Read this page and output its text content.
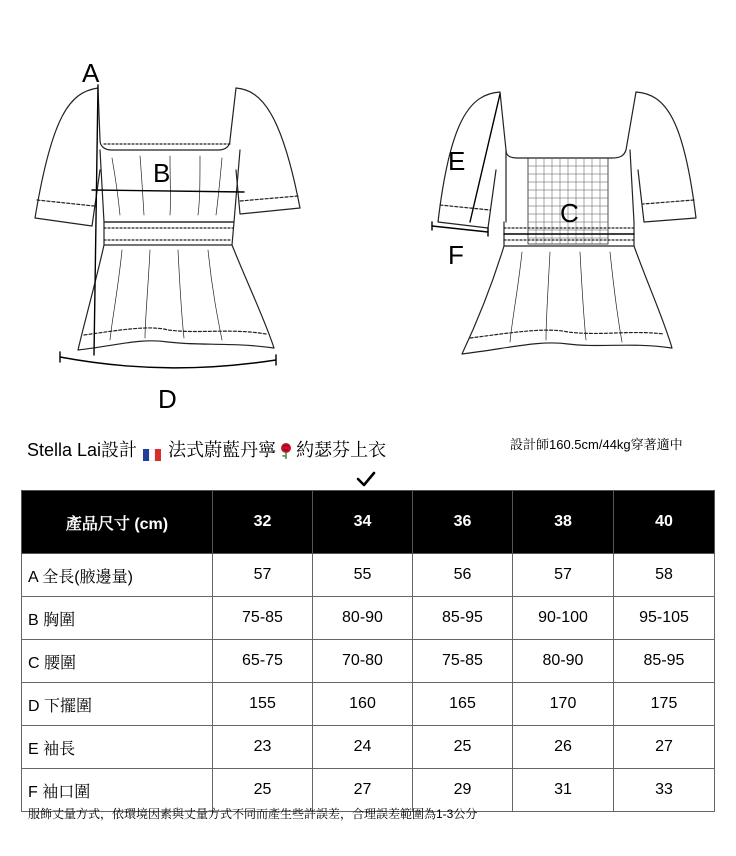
A
B
C
D
E
F
Stella Lai設計 法式蔚藍丹寧 約瑟芬上衣	設計師160.5cm/44kg穿著適中
產品尺寸 (cm)	32	34	36	38	40
A 全長(腋邊量)	57	55	56	57	58
B 胸圍	75-85	80-90	85-95	90-100	95-105
C 腰圍	65-75	70-80	75-85	80-90	85-95
D 下擺圍	155	160	165	170	175
E 袖長	23	24	25	26	27
F 袖口圍	25	27	29	31	33
服飾丈量方式，依環境因素與丈量方式不同而產生些許誤差，合理誤差範圍為1-3公分
